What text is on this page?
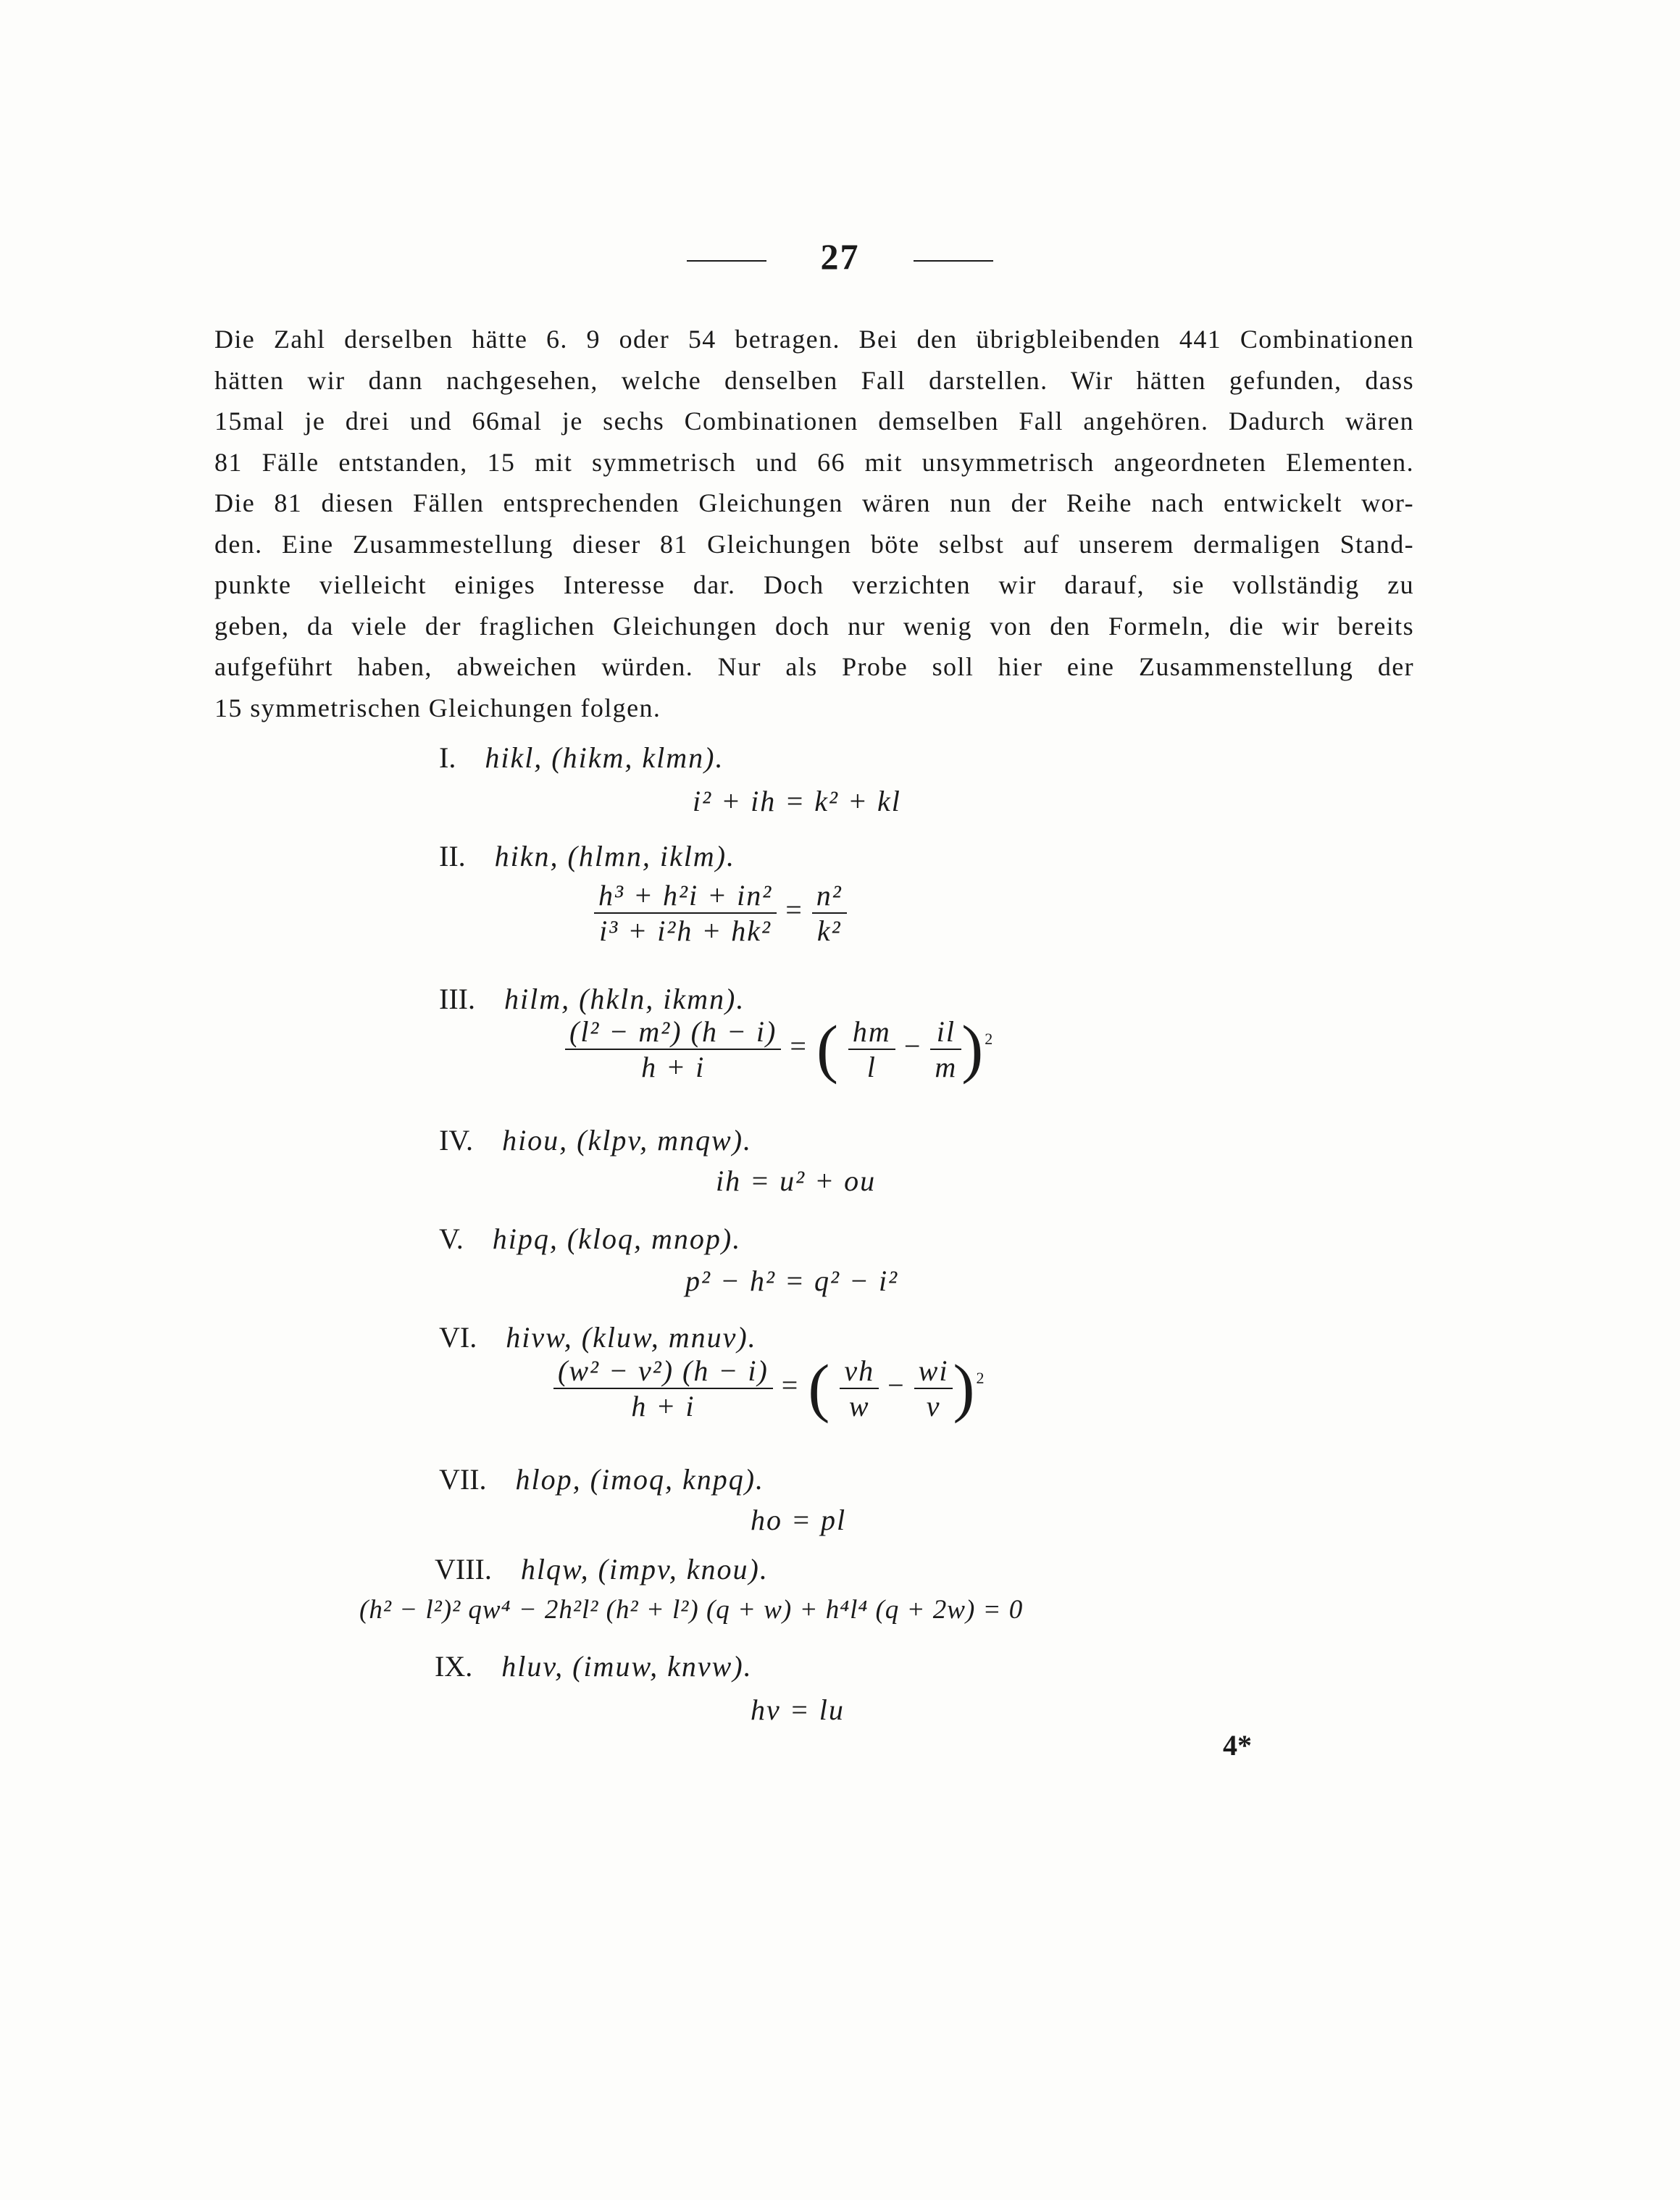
27
Die Zahl derselben hätte 6. 9 oder 54 betragen. Bei den übrigbleibenden 441 Combinationen
hätten wir dann nachgesehen, welche denselben Fall darstellen. Wir hätten gefunden, dass
15mal je drei und 66mal je sechs Combinationen demselben Fall angehören. Dadurch wären
81 Fälle entstanden, 15 mit symmetrisch und 66 mit unsymmetrisch angeordneten Elementen.
Die 81 diesen Fällen entsprechenden Gleichungen wären nun der Reihe nach entwickelt wor-
den. Eine Zusammestellung dieser 81 Gleichungen böte selbst auf unserem dermaligen Stand-
punkte vielleicht einiges Interesse dar. Doch verzichten wir darauf, sie vollständig zu
geben, da viele der fraglichen Gleichungen doch nur wenig von den Formeln, die wir bereits
aufgeführt haben, abweichen würden. Nur als Probe soll hier eine Zusammenstellung der
15 symmetrischen Gleichungen folgen.
I. hikl, (hikm, klmn).
i² + ih = k² + kl
II. hikn, (hlmn, iklm).
$\frac{\text{h³ + h²i + in²}}{\text{i³ + i²h + hk²}} = \frac{\text{n²}}{\text{k²}}$
III. hilm, (hkln, ikmn).
$\frac{\text{(l² − m²) (h − i)}}{h + i}$ = ( $\frac{hm}{l} - \frac{il}{m} )^2$
IV. hiou, (klpv, mnqw).
ih = u² + ou
V. hipq, (kloq, mnop).
p² − h² = q² − i²
VI. hivw, (kluw, mnuv).
$\frac{\text{(w² − v²) (h − i)}}{h + i}$ = ( $\frac{vh}{w} - \frac{wi}{v} )^2$
VII. hlop, (imoq, knpq).
ho = pl
VIII. hlqw, (impv, knou).
(h² − l²)² qw⁴ − 2h²l² (h² + l²) (q + w) + h⁴l⁴ (q + 2w) = 0
IX. hluv, (imuw, knvw).
hv = lu
4*
